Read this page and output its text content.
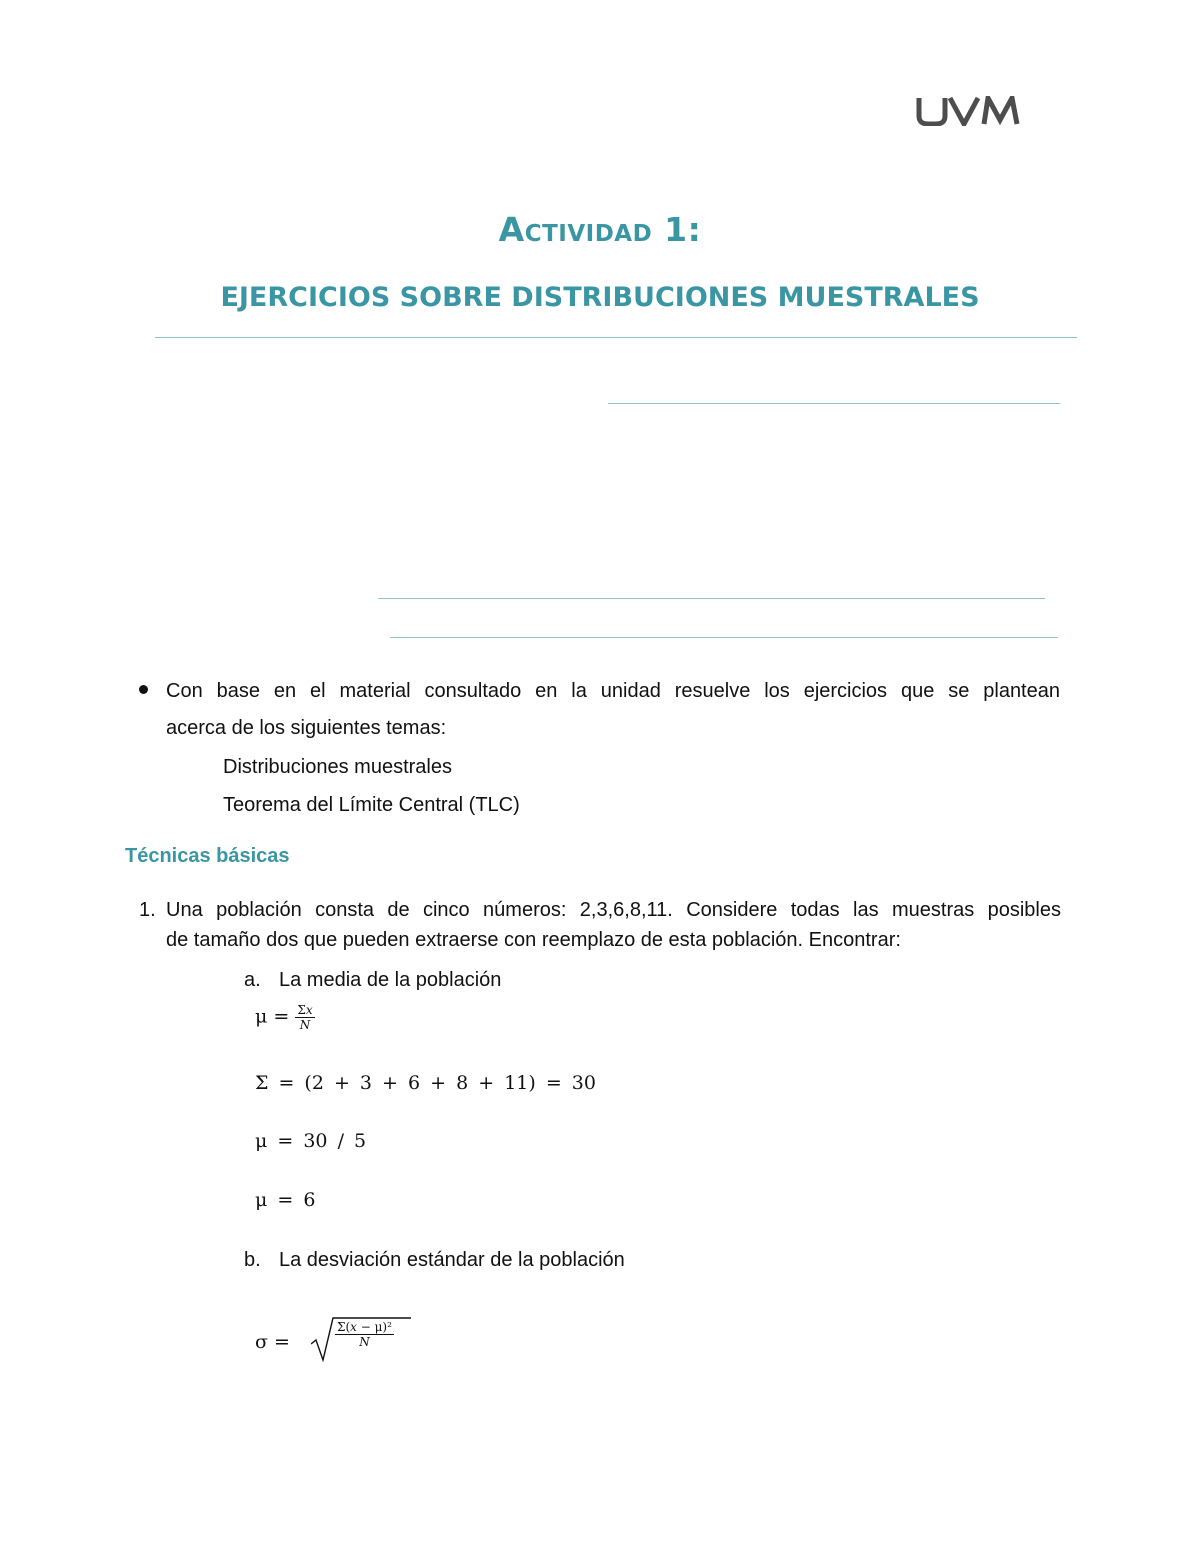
Actividad 1:
EJERCICIOS SOBRE DISTRIBUCIONES MUESTRALES
Con base en el material consultado en la unidad resuelve los ejercicios que se plantean
acerca de los siguientes temas:
Distribuciones muestrales
Teorema del Límite Central (TLC)
Técnicas básicas
1. Una población consta de cinco números: 2,3,6,8,11. Considere todas las muestras posibles
de tamaño dos que pueden extraerse con reemplazo de esta población. Encontrar:
a. La media de la población
$\mu = \frac{\text{Σ𝑥}}{\text{𝑁}}$
Σ = (2 + 3 + 6 + 8 + 11) = 30
μ = 30 / 5
μ = 6
b. La desviación estándar de la población
σ =
Σ(𝑥 − μ)²
𝑁
